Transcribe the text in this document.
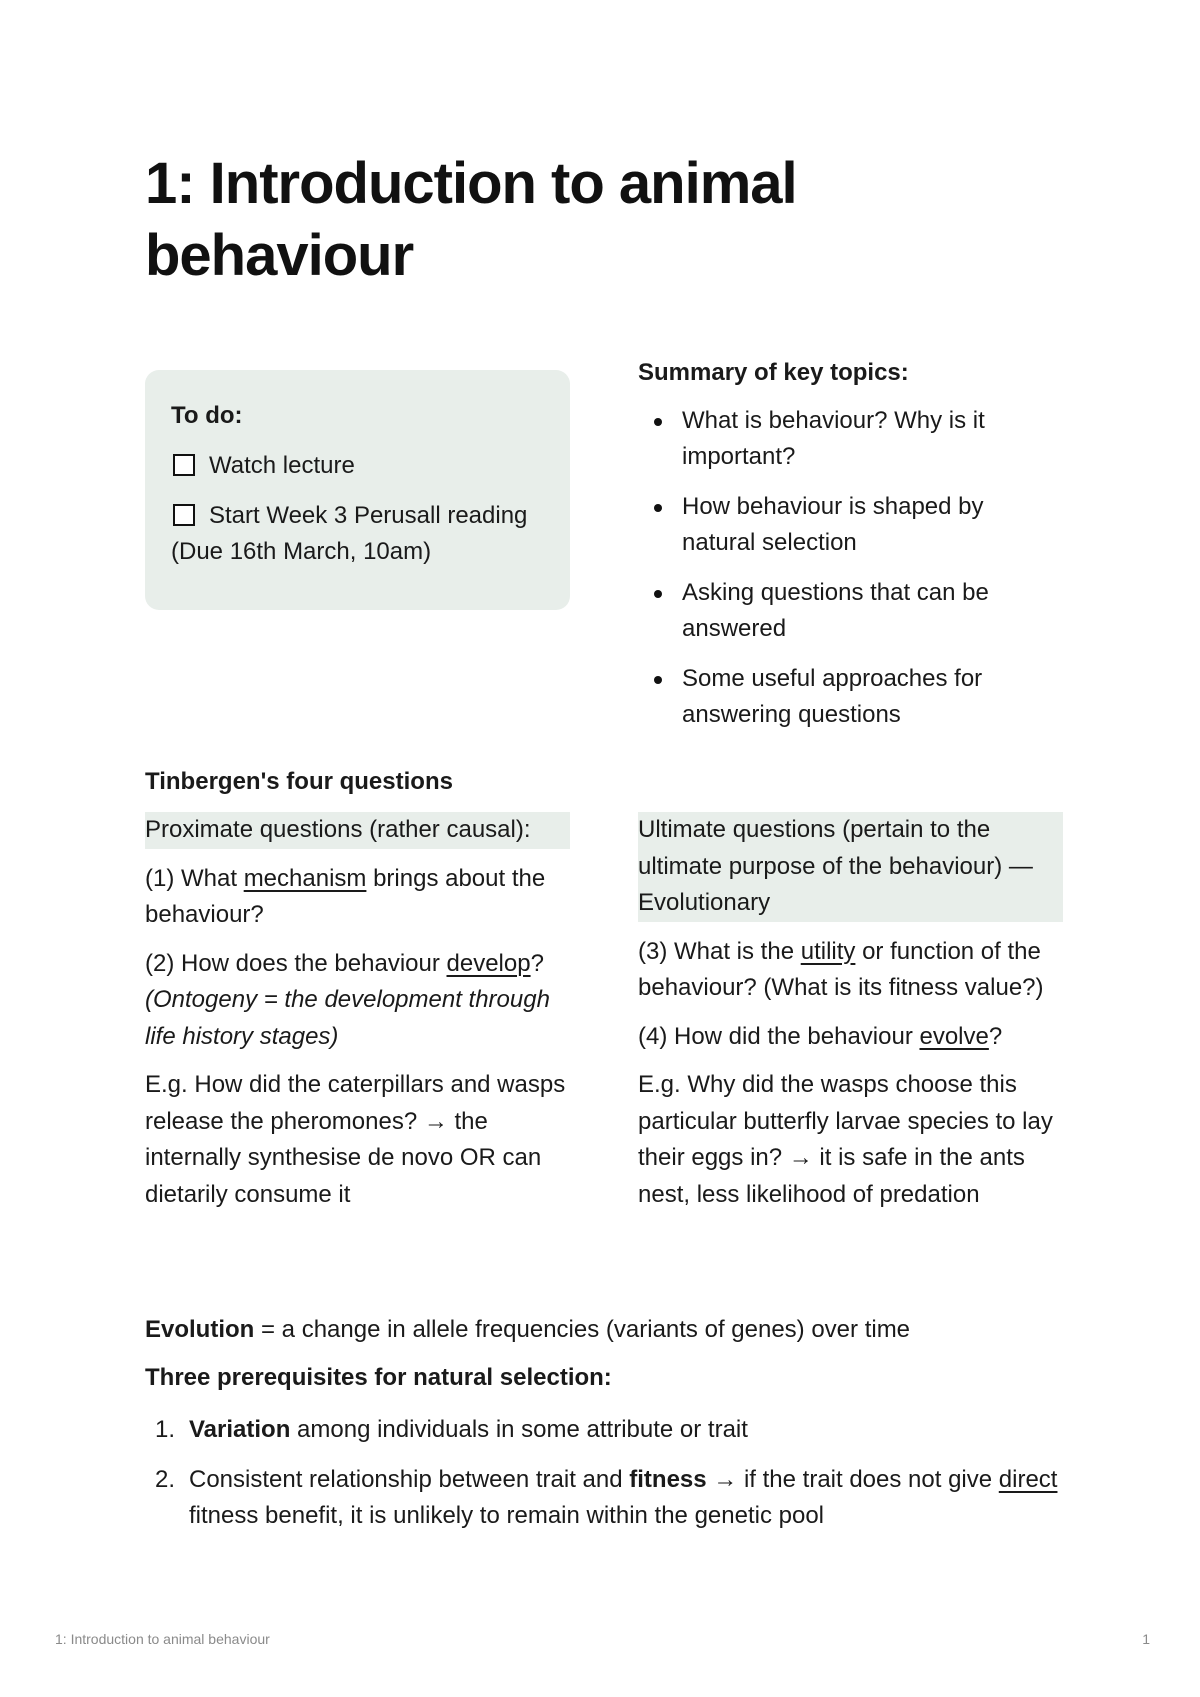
1: Introduction to animal behaviour
To do:
Watch lecture
Start Week 3 Perusall reading (Due 16th March, 10am)
Summary of key topics:
What is behaviour? Why is it important?
How behaviour is shaped by natural selection
Asking questions that can be answered
Some useful approaches for answering questions
Tinbergen's four questions

Proximate questions (rather causal):

(1) What mechanism brings about the behaviour?

(2) How does the behaviour develop? (Ontogeny = the development through life history stages)

E.g. How did the caterpillars and wasps release the pheromones? → the internally synthesise de novo OR can dietarily consume it

Ultimate questions (pertain to the ultimate purpose of the behaviour) — Evolutionary

(3) What is the utility or function of the behaviour? (What is its fitness value?)

(4) How did the behaviour evolve?

E.g. Why did the wasps choose this particular butterfly larvae species to lay their eggs in? → it is safe in the ants nest, less likelihood of predation

Evolution = a change in allele frequencies (variants of genes) over time
Three prerequisites for natural selection:
1. Variation among individuals in some attribute or trait
2. Consistent relationship between trait and fitness → if the trait does not give direct fitness benefit, it is unlikely to remain within the genetic pool
1: Introduction to animal behaviour	1
